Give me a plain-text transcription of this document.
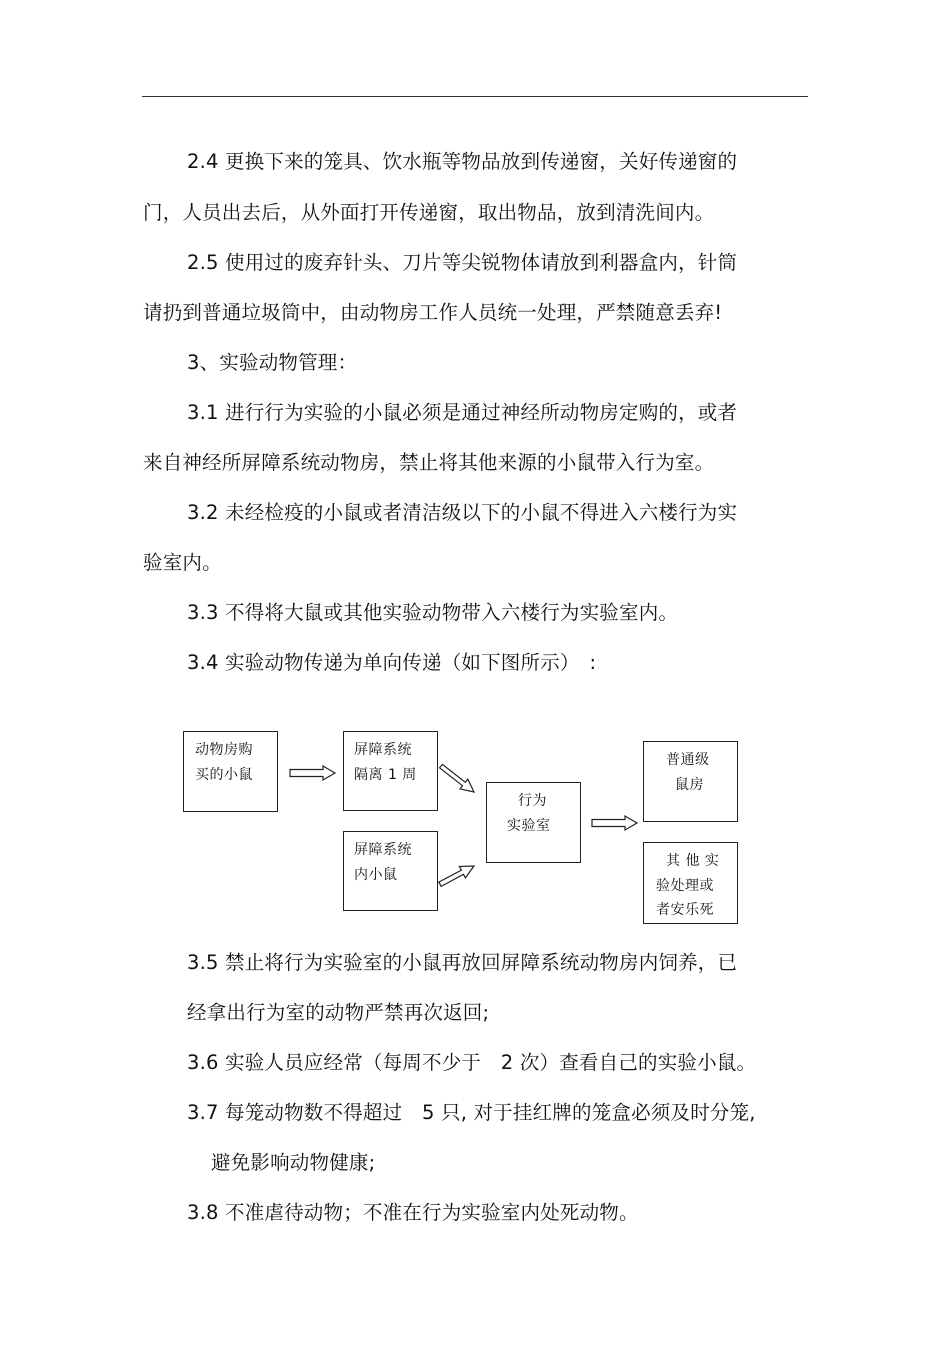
2.4 更换下来的笼具、饮水瓶等物品放到传递窗，关好传递窗的
门，人员出去后，从外面打开传递窗，取出物品，放到清洗间内。
2.5 使用过的废弃针头、刀片等尖锐物体请放到利器盒内，针筒
请扔到普通垃圾筒中，由动物房工作人员统一处理，严禁随意丢弃!
3、实验动物管理：
3.1 进行行为实验的小鼠必须是通过神经所动物房定购的，或者
来自神经所屏障系统动物房，禁止将其他来源的小鼠带入行为室。
3.2 未经检疫的小鼠或者清洁级以下的小鼠不得进入六楼行为实
验室内。
3.3 不得将大鼠或其他实验动物带入六楼行为实验室内。
3.4 实验动物传递为单向传递（如下图所示）　:
动物房购
买的小鼠
屏障系统
隔离 1 周
屏障系统
内小鼠
行为
实验室
普通级
鼠房
其 他 实
验处理或
者安乐死
3.5 禁止将行为实验室的小鼠再放回屏障系统动物房内饲养，已
经拿出行为室的动物严禁再次返回;
3.6 实验人员应经常（每周不少于　2 次）查看自己的实验小鼠。
3.7 每笼动物数不得超过　5 只, 对于挂红牌的笼盒必须及时分笼,
避免影响动物健康;
3.8 不准虐待动物；不准在行为实验室内处死动物。
